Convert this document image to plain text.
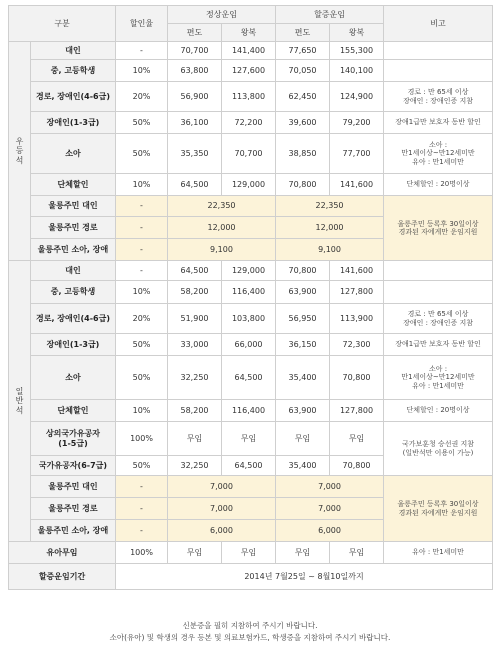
구분		할인율	정상운임		할증운임		비고
			편도	왕복	편도	왕복	

우등석	대인	-	70,700	141,400	77,650	155,300	
	중, 고등학생	10%	63,800	127,600	70,050	140,100	
	경로, 장애인(4-6급)	20%	56,900	113,800	62,450	124,900	경로 : 만 65세 이상
장애인 : 장애인증 지참
	장애인(1-3급)	50%	36,100	72,200	39,600	79,200	장애1급만 보호자 동반 할인
	소아	50%	35,350	70,700	38,850	77,700	소아 :
만1세이상~만12세미만
유아 : 만1세미만
	단체할인	10%	64,500	129,000	70,800	141,600	단체할인 : 20명이상
	울릉주민 대인	-	22,350		22,350		울릉주민 등록후 30일이상
경과된 자에게만 운임지원
	울릉주민 경로	-	12,000		12,000		
	울릉주민 소아, 장애	-	9,100		9,100		

일반석	대인	-	64,500	129,000	70,800	141,600	
	중, 고등학생	10%	58,200	116,400	63,900	127,800	
	경로, 장애인(4-6급)	20%	51,900	103,800	56,950	113,900	경로 : 만 65세 이상
장애인 : 장애인증 지참
	장애인(1-3급)	50%	33,000	66,000	36,150	72,300	장애1급만 보호자 동반 할인
	소아	50%	32,250	64,500	35,400	70,800	소아 :
만1세이상~만12세미만
유아 : 만1세미만
	단체할인	10%	58,200	116,400	63,900	127,800	단체할인 : 20명이상
	상의국가유공자
(1-5급)	100%	무임	무임	무임	무임	국가보훈청 승선권 지참
(일반석만 이용이 가능)
	국가유공자(6-7급)	50%	32,250	64,500	35,400	70,800	
	울릉주민 대인	-	7,000		7,000		울릉주민 등록후 30일이상
경과된 자에게만 운임지원
	울릉주민 경로	-	7,000		7,000		
	울릉주민 소아, 장애	-	6,000		6,000		
유아무임		100%	무임	무임	무임	무임	유아 : 만1세미만
할증운임기간		2014년 7월25일 ~ 8월10일까지					
신분증을 필히 지참하여 주시기 바랍니다.
소아(유아) 및 학생의 경우 등본 및 의료보험카드, 학생증을 지참하여 주시기 바랍니다.
